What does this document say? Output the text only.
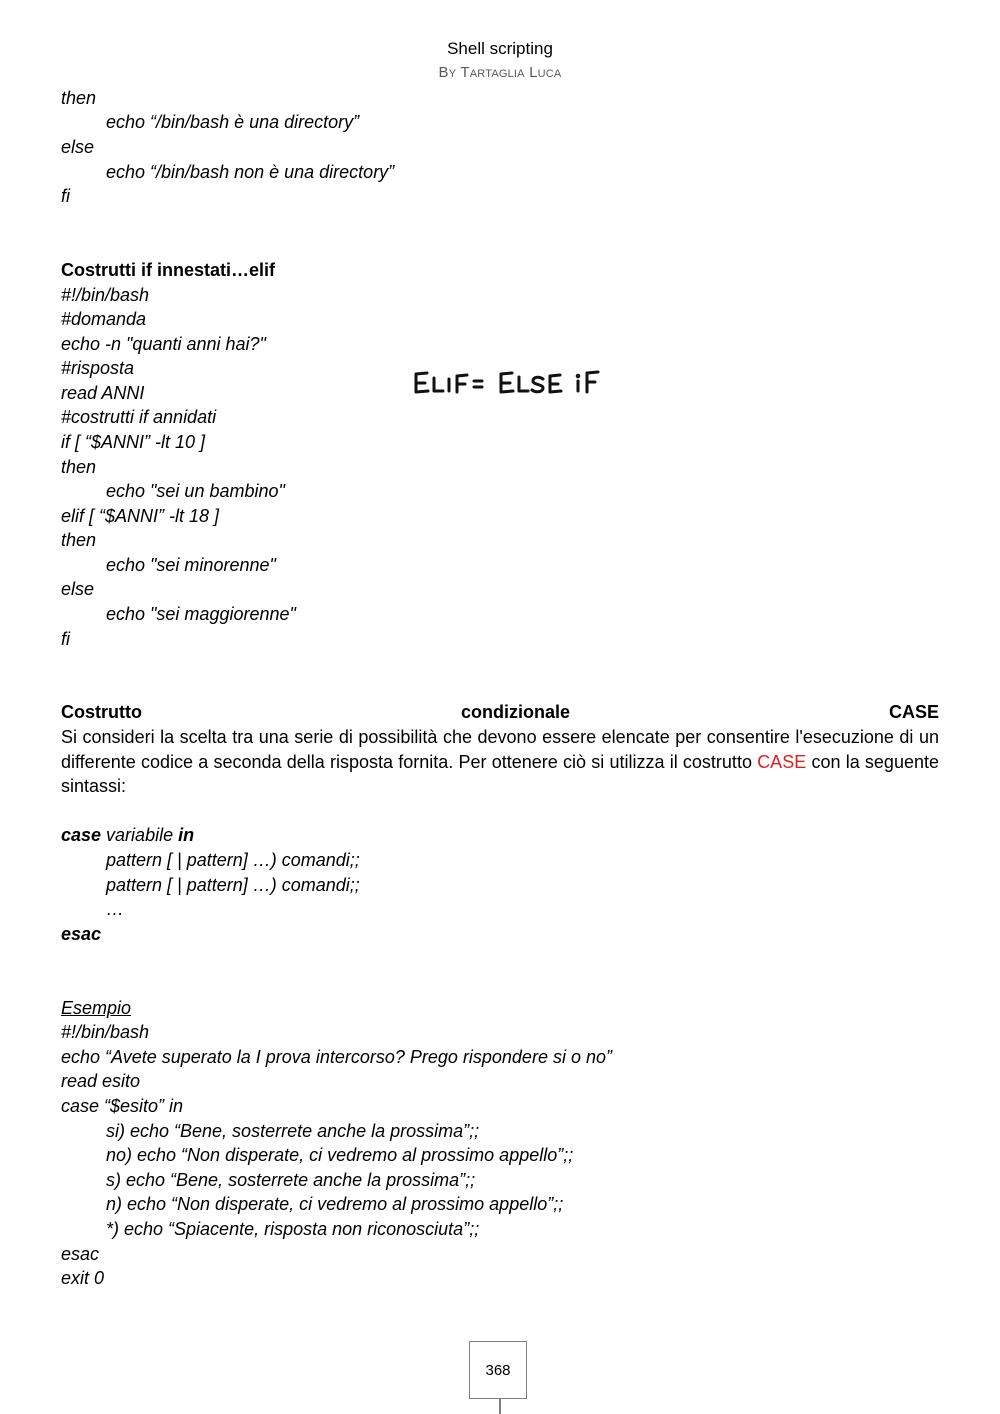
Shell scripting
By Tartaglia Luca
then
echo “/bin/bash è una directory”
else
echo “/bin/bash non è una directory”
fi
Costrutti if innestati…elif
#!/bin/bash
#domanda
echo -n "quanti anni hai?"
#risposta
read ANNI
#costrutti if annidati
if [ “$ANNI” -lt 10 ]
then
echo "sei un bambino"
elif [ “$ANNI” -lt 18 ]
then
echo "sei minorenne"
else
echo "sei maggiorenne"
fi
Costrutto	condizionale	CASE
Si consideri la scelta tra una serie di possibilità che devono essere elencate per consentire l'esecuzione di un differente codice a seconda della risposta fornita. Per ottenere ciò si utilizza il costrutto CASE con la seguente sintassi:
case variabile in
pattern [ | pattern] …) comandi;;
pattern [ | pattern] …) comandi;;
…
esac
Esempio
#!/bin/bash
echo “Avete superato la I prova intercorso? Prego rispondere si o no”
read esito
case “$esito” in
si) echo “Bene, sosterrete anche la prossima”;;
no) echo “Non disperate, ci vedremo al prossimo appello”;;
s) echo “Bene, sosterrete anche la prossima”;;
n) echo “Non disperate, ci vedremo al prossimo appello”;;
*) echo “Spiacente, risposta non riconosciuta”;;
esac
exit 0
368
